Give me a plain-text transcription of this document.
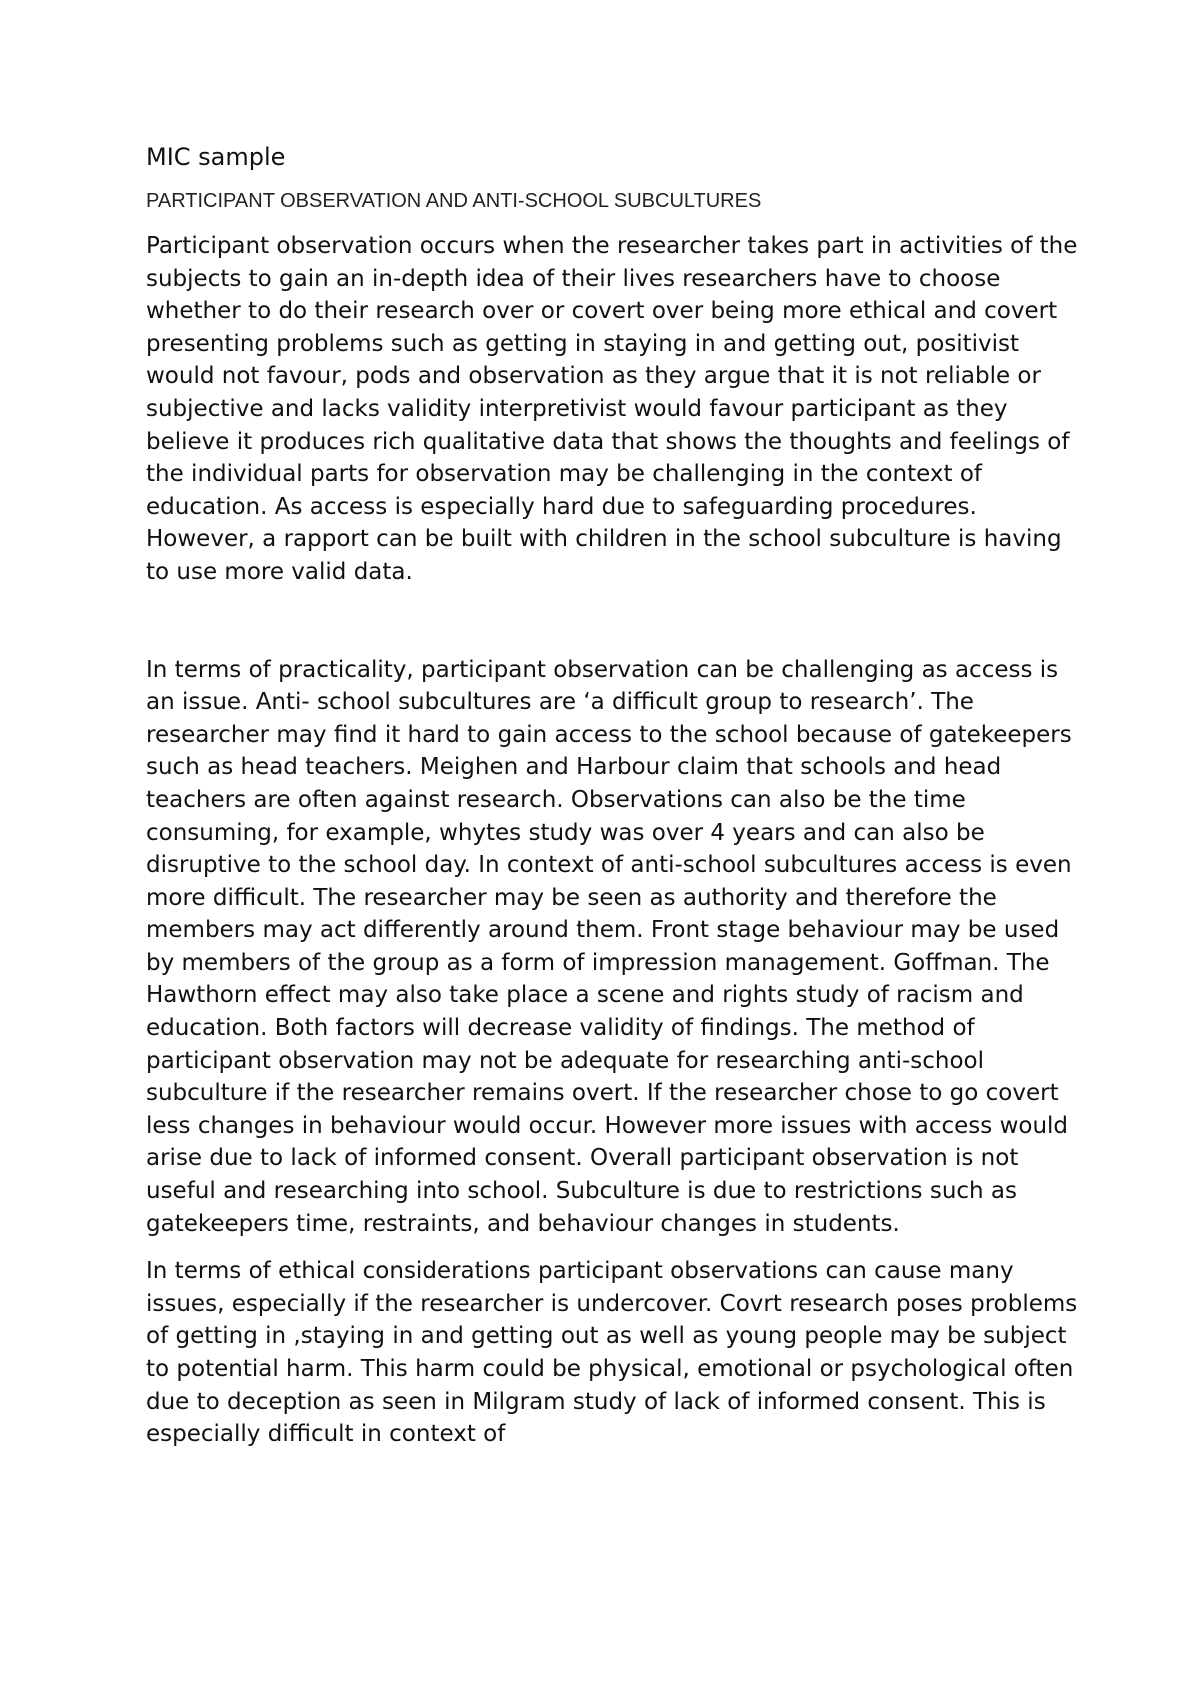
MIC sample
PARTICIPANT OBSERVATION AND ANTI-SCHOOL SUBCULTURES

Participant observation occurs when the researcher takes part in activities of the subjects to gain an in-depth idea of their lives researchers have to choose whether to do their research over or covert over being more ethical and covert presenting problems such as getting in staying in and getting out, positivist would not favour, pods and observation as they argue that it is not reliable or subjective and lacks validity interpretivist would favour participant as they believe it produces rich qualitative data that shows the thoughts and feelings of the individual parts for observation may be challenging in the context of education. As access is especially hard due to safeguarding procedures. However, a rapport can be built with children in the school subculture is having to use more valid data.

In terms of practicality, participant observation can be challenging as access is an issue. Anti- school subcultures are ‘a difficult group to research’. The researcher may find it hard to gain access to the school because of gatekeepers such as head teachers. Meighen and Harbour claim that schools and head teachers are often against research. Observations can also be the time consuming, for example, whytes study was over 4 years and can also be disruptive to the school day. In context of anti-school subcultures access is even more difficult. The researcher may be seen as authority and therefore the members may act differently around them. Front stage behaviour may be used by members of the group as a form of impression management. Goffman. The Hawthorn effect may also take place a scene and rights study of racism and education. Both factors will decrease validity of findings. The method of participant observation may not be adequate for researching anti-school subculture if the researcher remains overt. If the researcher chose to go covert less changes in behaviour would occur. However more issues with access would arise due to lack of informed consent. Overall participant observation is not useful and researching into school. Subculture is due to restrictions such as gatekeepers time, restraints, and behaviour changes in students.

In terms of ethical considerations participant observations can cause many issues, especially if the researcher is undercover. Covrt research poses problems of getting in ,staying in and getting out as well as young people may be subject to potential harm. This harm could be physical, emotional or psychological often due to deception as seen in Milgram study of lack of informed consent. This is especially difficult in context of
